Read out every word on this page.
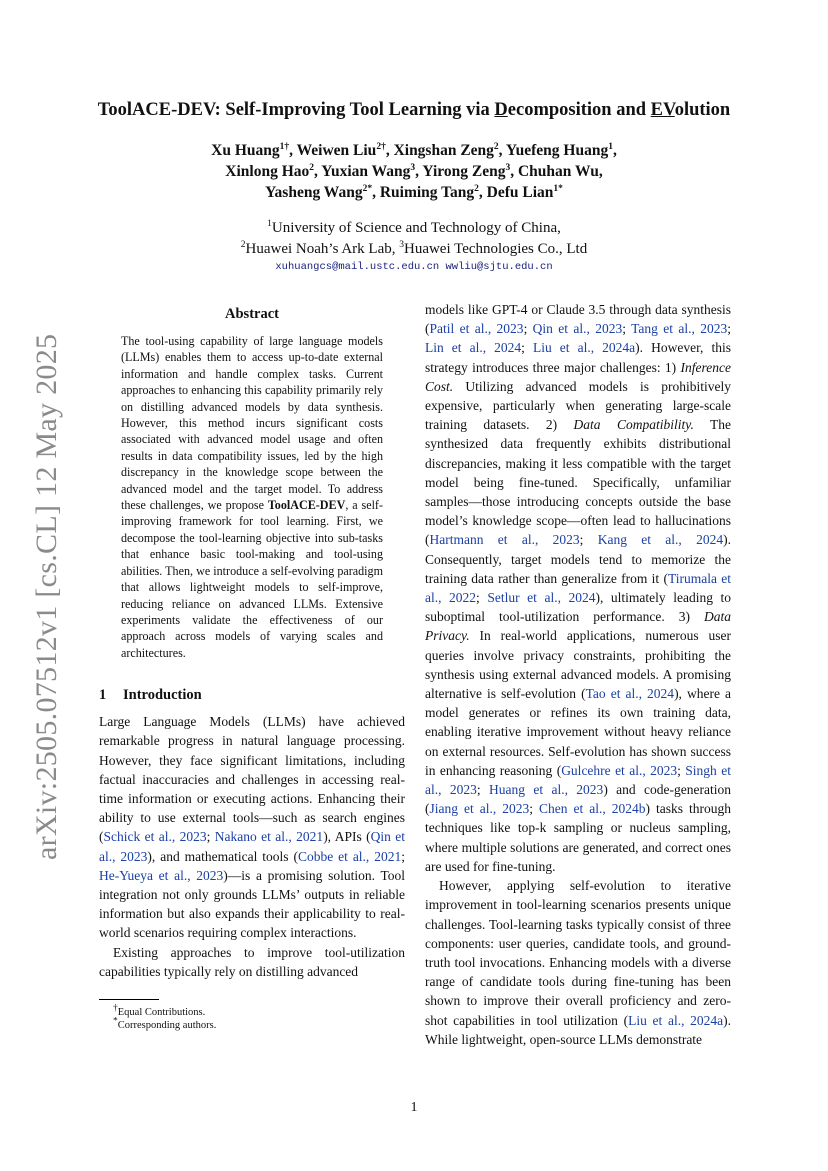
arXiv:2505.07512v1 [cs.CL] 12 May 2025
ToolACE-DEV: Self-Improving Tool Learning via Decomposition and EVolution
Xu Huang$^{1\dagger}$, Weiwen Liu$^{2\dagger}$, Xingshan Zeng$^2$, Yuefeng Huang$^1$,
Xinlong Hao$^2$, Yuxian Wang$^3$, Yirong Zeng$^3$, Chuhan Wu,
Yasheng Wang$^{2*}$, Ruiming Tang$^2$, Defu Lian$^{1*}$
$^1$University of Science and Technology of China,
$^2$Huawei Noah’s Ark Lab, $^3$Huawei Technologies Co., Ltd
xuhuangcs@mail.ustc.edu.cn wwliu@sjtu.edu.cn
Abstract

The tool-using capability of large language models (LLMs) enables them to access up-to-date external information and handle complex tasks. Current approaches to enhancing this capability primarily rely on distilling advanced models by data synthesis. However, this method incurs significant costs associated with advanced model usage and often results in data compatibility issues, led by the high discrepancy in the knowledge scope between the advanced model and the target model. To address these challenges, we propose ToolACE-DEV, a self-improving framework for tool learning. First, we decompose the tool-learning objective into sub-tasks that enhance basic tool-making and tool-using abilities. Then, we introduce a self-evolving paradigm that allows lightweight models to self-improve, reducing reliance on advanced LLMs. Extensive experiments validate the effectiveness of our approach across models of varying scales and architectures.

1 Introduction

Large Language Models (LLMs) have achieved remarkable progress in natural language processing. However, they face significant limitations, including factual inaccuracies and challenges in accessing real-time information or executing actions. Enhancing their ability to use external tools—such as search engines (Schick et al., 2023; Nakano et al., 2021), APIs (Qin et al., 2023), and mathematical tools (Cobbe et al., 2021; He-Yueya et al., 2023)—is a promising solution. Tool integration not only grounds LLMs’ outputs in reliable information but also expands their applicability to real-world scenarios requiring complex interactions.

Existing approaches to improve tool-utilization capabilities typically rely on distilling advanced

†Equal Contributions.
*Corresponding authors.

models like GPT-4 or Claude 3.5 through data synthesis (Patil et al., 2023; Qin et al., 2023; Tang et al., 2023; Lin et al., 2024; Liu et al., 2024a). However, this strategy introduces three major challenges: 1) Inference Cost. Utilizing advanced models is prohibitively expensive, particularly when generating large-scale training datasets. 2) Data Compatibility. The synthesized data frequently exhibits distributional discrepancies, making it less compatible with the target model being fine-tuned. Specifically, unfamiliar samples—those introducing concepts outside the base model’s knowledge scope—often lead to hallucinations (Hartmann et al., 2023; Kang et al., 2024). Consequently, target models tend to memorize the training data rather than generalize from it (Tirumala et al., 2022; Setlur et al., 2024), ultimately leading to suboptimal tool-utilization performance. 3) Data Privacy. In real-world applications, numerous user queries involve privacy constraints, prohibiting the synthesis using external advanced models. A promising alternative is self-evolution (Tao et al., 2024), where a model generates or refines its own training data, enabling iterative improvement without heavy reliance on external resources. Self-evolution has shown success in enhancing reasoning (Gulcehre et al., 2023; Singh et al., 2023; Huang et al., 2023) and code-generation (Jiang et al., 2023; Chen et al., 2024b) tasks through techniques like top-k sampling or nucleus sampling, where multiple solutions are generated, and correct ones are used for fine-tuning.

However, applying self-evolution to iterative improvement in tool-learning scenarios presents unique challenges. Tool-learning tasks typically consist of three components: user queries, candidate tools, and ground-truth tool invocations. Enhancing models with a diverse range of candidate tools during fine-tuning has been shown to improve their overall proficiency and zero-shot capabilities in tool utilization (Liu et al., 2024a). While lightweight, open-source LLMs demonstrate

1
